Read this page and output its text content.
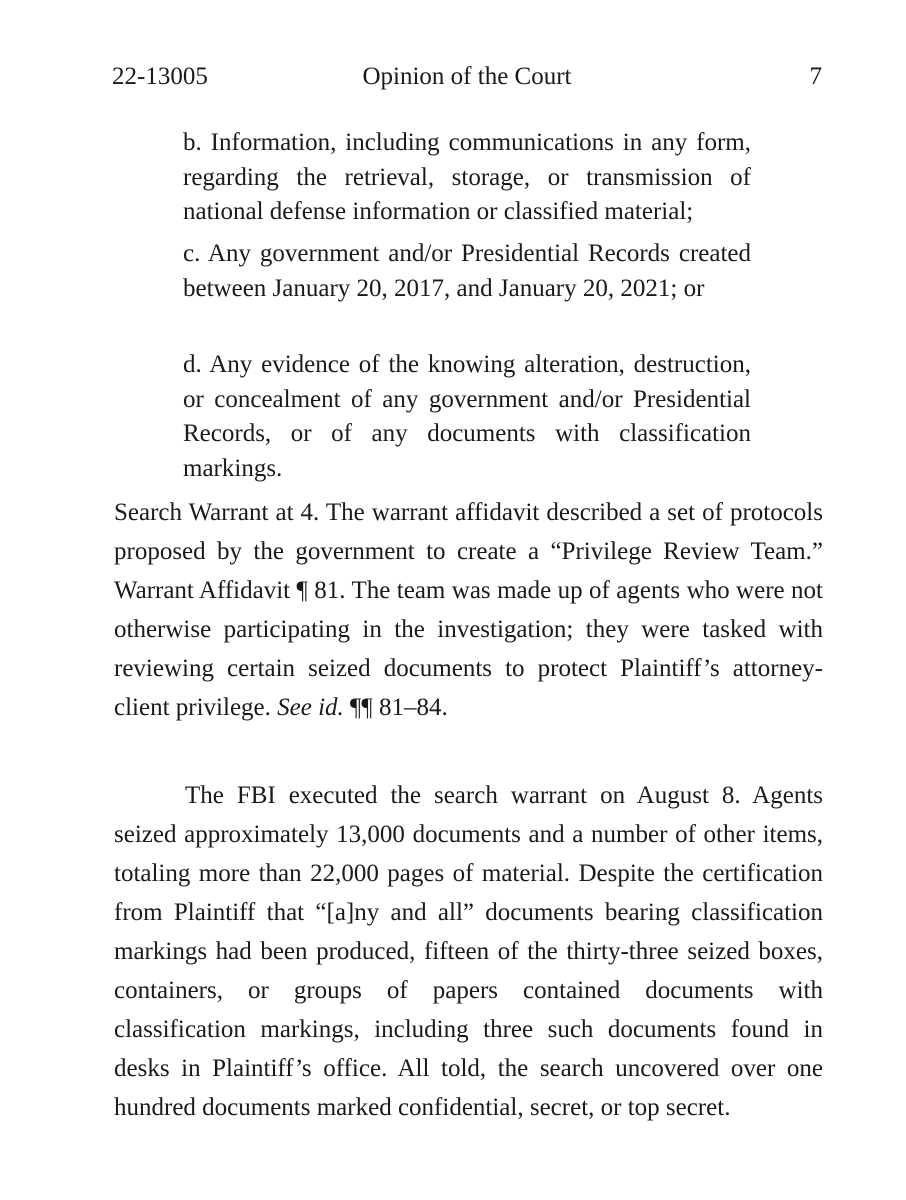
22-13005	Opinion of the Court	7

b. Information, including communications in any form, regarding the retrieval, storage, or transmission of national defense information or classified material;

c. Any government and/or Presidential Records created between January 20, 2017, and January 20, 2021; or

d. Any evidence of the knowing alteration, destruction, or concealment of any government and/or Presidential Records, or of any documents with classification markings.

Search Warrant at 4. The warrant affidavit described a set of protocols proposed by the government to create a “Privilege Review Team.” Warrant Affidavit ¶ 81. The team was made up of agents who were not otherwise participating in the investigation; they were tasked with reviewing certain seized documents to protect Plaintiff’s attorney-client privilege. See id. ¶¶ 81–84.

The FBI executed the search warrant on August 8. Agents seized approximately 13,000 documents and a number of other items, totaling more than 22,000 pages of material. Despite the certification from Plaintiff that “[a]ny and all” documents bearing classification markings had been produced, fifteen of the thirty-three seized boxes, containers, or groups of papers contained documents with classification markings, including three such documents found in desks in Plaintiff’s office. All told, the search uncovered over one hundred documents marked confidential, secret, or top secret.
